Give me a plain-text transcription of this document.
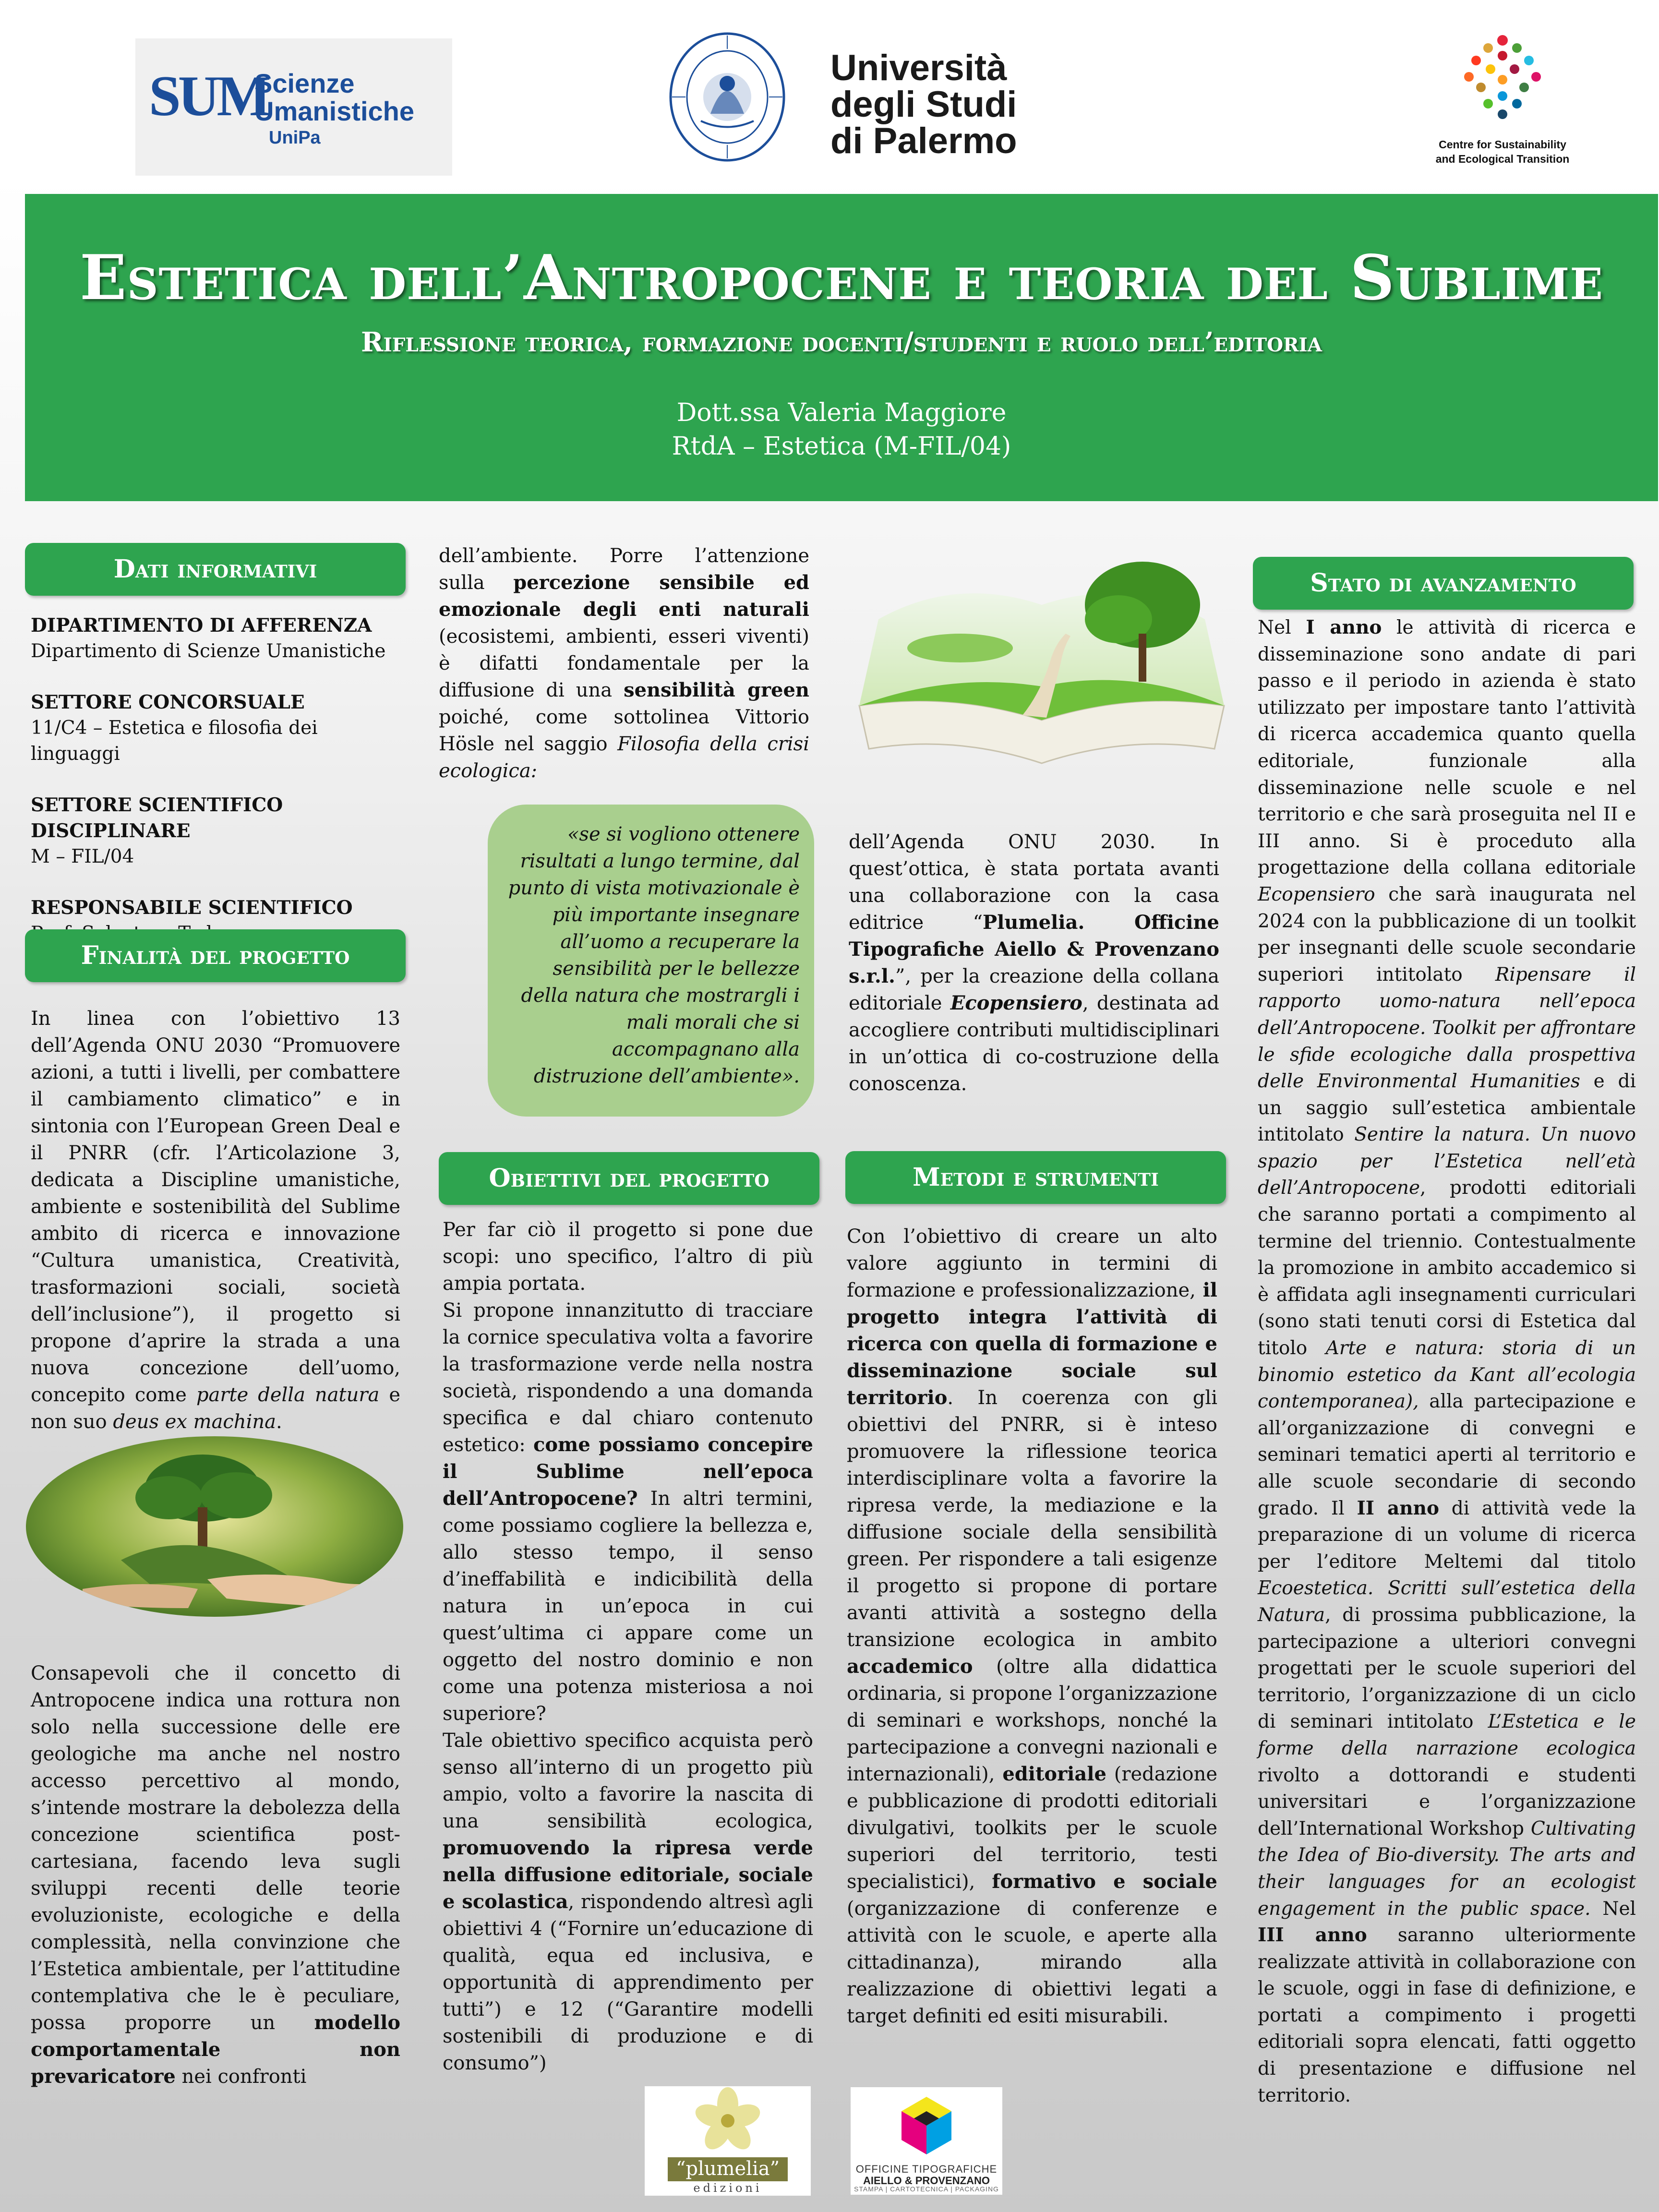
SUM
Scienze
Umanistiche
UniPa
Università
degli Studi
di Palermo	Centre for Sustainability
and Ecological Transition
Estetica dell’Antropocene e teoria del Sublime
Riflessione teorica, formazione docenti/studenti e ruolo dell’editoria
Dott.ssa Valeria Maggiore
RtdA – Estetica (M-FIL/04)
Dati informativi
DIPARTIMENTO DI AFFERENZA
Dipartimento di Scienze Umanistiche
SETTORE CONCORSUALE
11/C4 – Estetica e filosofia dei linguaggi
SETTORE SCIENTIFICO DISCIPLINARE
M – FIL/04
RESPONSABILE SCIENTIFICO
Finalità del progetto
In linea con l’obiettivo 13 dell’Agenda ONU 2030 “Promuovere azioni, a tutti i livelli, per combattere il cambiamento climatico” e in sintonia con l’European Green Deal e il PNRR (cfr. l’Articolazione 3, dedicata a Discipline umanistiche, ambiente e sostenibilità del Sublime ambito di ricerca e innovazione “Cultura umanistica, Creatività, trasformazioni sociali, società dell’inclusione”), il progetto si propone d’aprire la strada a una nuova concezione dell’uomo, concepito come parte della natura e non suo deus ex machina.
Consapevoli che il concetto di Antropocene indica una rottura non solo nella successione delle ere geologiche ma anche nel nostro accesso percettivo al mondo, s’intende mostrare la debolezza della concezione scientifica post-cartesiana, facendo leva sugli sviluppi recenti delle teorie evoluzioniste, ecologiche e della complessità, nella convinzione che l’Estetica ambientale, per l’attitudine contemplativa che le è peculiare, possa proporre un modello comportamentale non prevaricatore nei confronti
dell’ambiente. Porre l’attenzione sulla percezione sensibile ed emozionale degli enti naturali (ecosistemi, ambienti, esseri viventi) è difatti fondamentale per la diffusione di una sensibilità green poiché, come sottolinea Vittorio Hösle nel saggio Filosofia della crisi ecologica:
«se si vogliono ottenere risultati a lungo termine, dal punto di vista motivazionale è più importante insegnare all’uomo a recuperare la sensibilità per le bellezze della natura che mostrargli i mali morali che si accompagnano alla distruzione dell’ambiente».
Obiettivi del progetto
Per far ciò il progetto si pone due scopi: uno specifico, l’altro di più ampia portata.
Si propone innanzitutto di tracciare la cornice speculativa volta a favorire la trasformazione verde nella nostra società, rispondendo a una domanda specifica e dal chiaro contenuto estetico: come possiamo concepire il Sublime nell’epoca dell’Antropocene? In altri termini, come possiamo cogliere la bellezza e, allo stesso tempo, il senso d’ineffabilità e indicibilità della natura in un’epoca in cui quest’ultima ci appare come un oggetto del nostro dominio e non come una potenza misteriosa a noi superiore?
Tale obiettivo specifico acquista però senso all’interno di un progetto più ampio, volto a favorire la nascita di una sensibilità ecologica, promuovendo la ripresa verde nella diffusione editoriale, sociale e scolastica, rispondendo altresì agli obiettivi 4 (“Fornire un’educazione di qualità, equa ed inclusiva, e opportunità di apprendimento per tutti”) e 12 (“Garantire modelli sostenibili di produzione e di consumo”)
dell’Agenda ONU 2030. In quest’ottica, è stata portata avanti una collaborazione con la casa editrice “Plumelia. Officine Tipografiche Aiello & Provenzano s.r.l.”, per la creazione della collana editoriale Ecopensiero, destinata ad accogliere contributi multidisciplinari in un’ottica di co-costruzione della conoscenza.
Metodi e strumenti
Con l’obiettivo di creare un alto valore aggiunto in termini di formazione e professionalizzazione, il progetto integra l’attività di ricerca con quella di formazione e disseminazione sociale sul territorio. In coerenza con gli obiettivi del PNRR, si è inteso promuovere la riflessione teorica interdisciplinare volta a favorire la ripresa verde, la mediazione e la diffusione sociale della sensibilità green. Per rispondere a tali esigenze il progetto si propone di portare avanti attività a sostegno della transizione ecologica in ambito accademico (oltre alla didattica ordinaria, si propone l’organizzazione di seminari e workshops, nonché la partecipazione a convegni nazionali e internazionali), editoriale (redazione e pubblicazione di prodotti editoriali divulgativi, toolkits per le scuole superiori del territorio, testi specialistici), formativo e sociale (organizzazione di conferenze e attività con le scuole, e aperte alla cittadinanza), mirando alla realizzazione di obiettivi legati a target definiti ed esiti misurabili.
Stato di avanzamento
Nel I anno le attività di ricerca e disseminazione sono andate di pari passo e il periodo in azienda è stato utilizzato per impostare tanto l’attività di ricerca accademica quanto quella editoriale, funzionale alla disseminazione nelle scuole e nel territorio e che sarà proseguita nel II e III anno. Si è proceduto alla progettazione della collana editoriale Ecopensiero che sarà inaugurata nel 2024 con la pubblicazione di un toolkit per insegnanti delle scuole secondarie superiori intitolato Ripensare il rapporto uomo-natura nell’epoca dell’Antropocene. Toolkit per affrontare le sfide ecologiche dalla prospettiva delle Environmental Humanities e di un saggio sull’estetica ambientale intitolato Sentire la natura. Un nuovo spazio per l’Estetica nell’età dell’Antropocene, prodotti editoriali che saranno portati a compimento al termine del triennio. Contestualmente la promozione in ambito accademico si è affidata agli insegnamenti curriculari (sono stati tenuti corsi di Estetica dal titolo Arte e natura: storia di un binomio estetico da Kant all’ecologia contemporanea), alla partecipazione e all’organizzazione di convegni e seminari tematici aperti al territorio e alle scuole secondarie di secondo grado. Il II anno di attività vede la preparazione di un volume di ricerca per l’editore Meltemi dal titolo Ecoestetica. Scritti sull’estetica della Natura, di prossima pubblicazione, la partecipazione a ulteriori convegni progettati per le scuole superiori del territorio, l’organizzazione di un ciclo di seminari intitolato L’Estetica e le forme della narrazione ecologica rivolto a dottorandi e studenti universitari e l’organizzazione dell’International Workshop Cultivating the Idea of Bio-diversity. The arts and their languages for an ecologist engagement in the public space. Nel III anno saranno ulteriormente realizzate attività in collaborazione con le scuole, oggi in fase di definizione, e portati a compimento i progetti editoriali sopra elencati, fatti oggetto di presentazione e diffusione nel territorio.
“plumelia”
edizioni
OFFICINE TIPOGRAFICHE
AIELLO & PROVENZANO
STAMPA | CARTOTECNICA | PACKAGING
